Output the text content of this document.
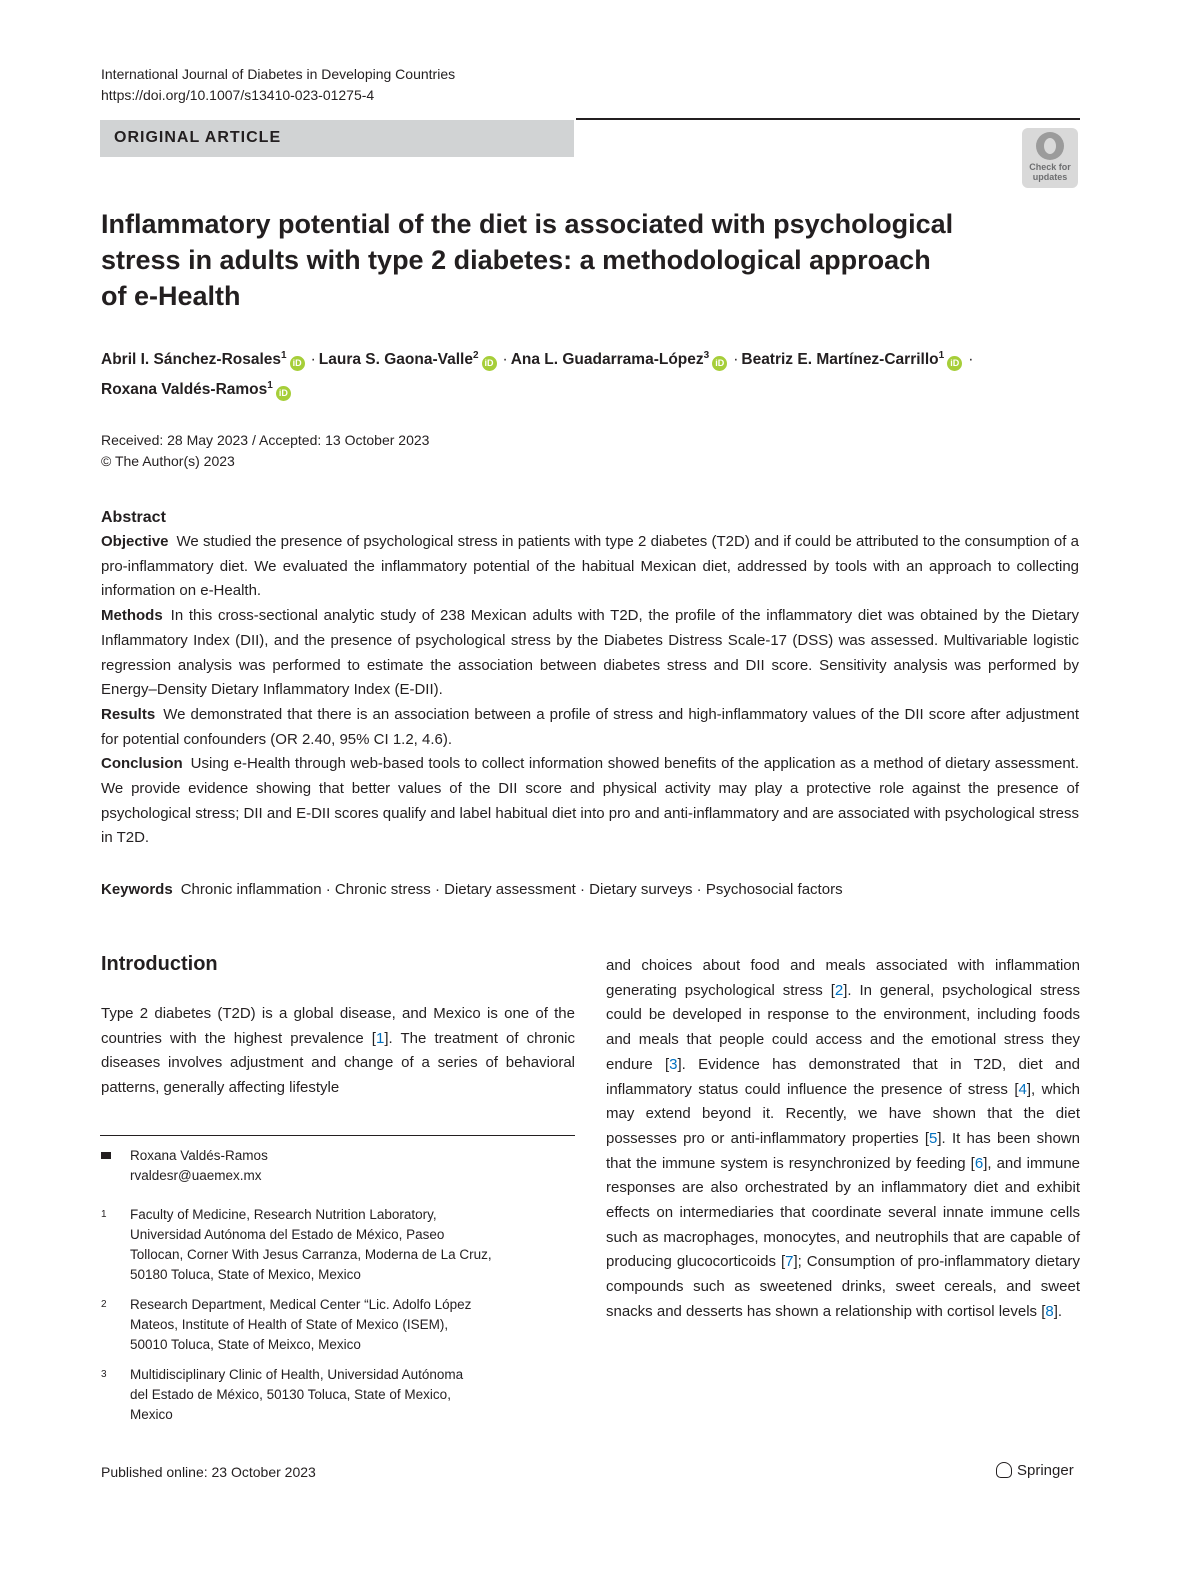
International Journal of Diabetes in Developing Countries
https://doi.org/10.1007/s13410-023-01275-4
ORIGINAL ARTICLE
Check for
updates
Inflammatory potential of the diet is associated with psychological
stress in adults with type 2 diabetes: a methodological approach
of e-Health
Abril I. Sánchez-Rosales$^1$iD · Laura S. Gaona-Valle$^2$iD · Ana L. Guadarrama-López$^3$iD · Beatriz E. Martínez-Carrillo$^1$iD ·
Roxana Valdés-Ramos$^1$iD
Received: 28 May 2023 / Accepted: 13 October 2023
© The Author(s) 2023
Abstract
Objective We studied the presence of psychological stress in patients with type 2 diabetes (T2D) and if could be attributed to the consumption of a pro-inflammatory diet. We evaluated the inflammatory potential of the habitual Mexican diet, addressed by tools with an approach to collecting information on e-Health.
Methods In this cross-sectional analytic study of 238 Mexican adults with T2D, the profile of the inflammatory diet was obtained by the Dietary Inflammatory Index (DII), and the presence of psychological stress by the Diabetes Distress Scale-17 (DSS) was assessed. Multivariable logistic regression analysis was performed to estimate the association between diabetes stress and DII score. Sensitivity analysis was performed by Energy–Density Dietary Inflammatory Index (E-DII).
Results We demonstrated that there is an association between a profile of stress and high-inflammatory values of the DII score after adjustment for potential confounders (OR 2.40, 95% CI 1.2, 4.6).
Conclusion Using e-Health through web-based tools to collect information showed benefits of the application as a method of dietary assessment. We provide evidence showing that better values of the DII score and physical activity may play a protective role against the presence of psychological stress; DII and E-DII scores qualify and label habitual diet into pro and anti-inflammatory and are associated with psychological stress in T2D.
Keywords Chronic inflammation · Chronic stress · Dietary assessment · Dietary surveys · Psychosocial factors
Introduction
Type 2 diabetes (T2D) is a global disease, and Mexico is one of the countries with the highest prevalence [1]. The treatment of chronic diseases involves adjustment and change of a series of behavioral patterns, generally affecting lifestyle
and choices about food and meals associated with inflammation generating psychological stress [2]. In general, psychological stress could be developed in response to the environment, including foods and meals that people could access and the emotional stress they endure [3]. Evidence has demonstrated that in T2D, diet and inflammatory status could influence the presence of stress [4], which may extend beyond it. Recently, we have shown that the diet possesses pro or anti-inflammatory properties [5]. It has been shown that the immune system is resynchronized by feeding [6], and immune responses are also orchestrated by an inflammatory diet and exhibit effects on intermediaries that coordinate several innate immune cells such as macrophages, monocytes, and neutrophils that are capable of producing glucocorticoids [7]; Consumption of pro-inflammatory dietary compounds such as sweetened drinks, sweet cereals, and sweet snacks and desserts has shown a relationship with cortisol levels [8].
Roxana Valdés-Ramos
rvaldesr@uaemex.mx
1 Faculty of Medicine, Research Nutrition Laboratory,
Universidad Autónoma del Estado de México, Paseo
Tollocan, Corner With Jesus Carranza, Moderna de La Cruz,
50180 Toluca, State of Mexico, Mexico
2 Research Department, Medical Center “Lic. Adolfo López
Mateos, Institute of Health of State of Mexico (ISEM),
50010 Toluca, State of Meixco, Mexico
3 Multidisciplinary Clinic of Health, Universidad Autónoma
del Estado de México, 50130 Toluca, State of Mexico,
Mexico
Published online: 23 October 2023	Springer
